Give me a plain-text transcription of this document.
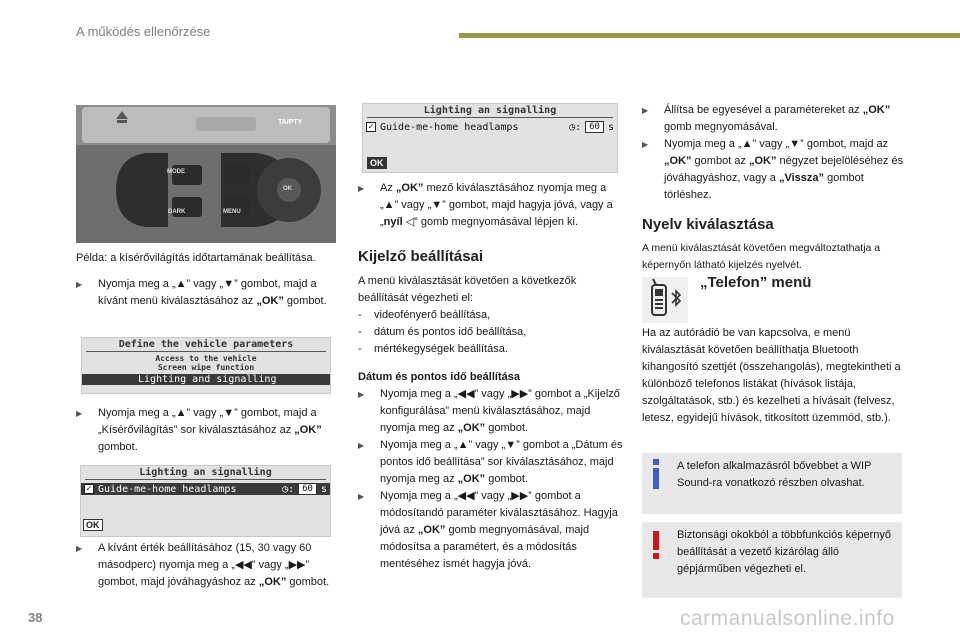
A működés ellenőrzése
TA/PTY
MODE
DARK	MENU
OK

Példa: a kísérővilágítás időtartamának beállítása.

▶ Nyomja meg a „▲” vagy „▼” gombot, majd a kívánt menü kiválasztásához az „OK” gombot.
Define the vehicle parameters
Access to the vehicle
Screen wipe function
Lighting and signalling
▶ Nyomja meg a „▲” vagy „▼” gombot, majd a „Kísérővilágítás” sor kiválasztásához az „OK” gombot.
Lighting an signalling
✓ Guide-me-home headlamps	◷: 60 s
OK
▶ A kívánt érték beállításához (15, 30 vagy 60 másodperc) nyomja meg a „◀◀” vagy „▶▶” gombot, majd jóváhagyáshoz az „OK” gombot.
Lighting an signalling
✓ Guide-me-home headlamps	◷: 60 s
OK
▶ Az „OK” mező kiválasztásához nyomja meg a „▲” vagy „▼” gombot, majd hagyja jóvá, vagy a „nyíl ◁” gomb megnyomásával lépjen ki.
Kijelző beállításai

A menü kiválasztását követően a következők beállítását végezheti el:

- videofényerő beállítása,
- dátum és pontos idő beállítása,
- mértékegységek beállítása.

Dátum és pontos idő beállítása

▶ Nyomja meg a „◀◀” vagy „▶▶” gombot a „Kijelző konfigurálása” menü kiválasztásához, majd nyomja meg az „OK” gombot.
▶ Nyomja meg a „▲” vagy „▼” gombot a „Dátum és pontos idő beállítása” sor kiválasztásához, majd nyomja meg az „OK” gombot.
▶ Nyomja meg a „◀◀” vagy „▶▶” gombot a módosítandó paraméter kiválasztásához. Hagyja jóvá az „OK” gomb megnyomásával, majd módosítsa a paramétert, és a módosítás mentéséhez ismét hagyja jóvá.
▶ Állítsa be egyesével a paramétereket az „OK” gomb megnyomásával.
▶ Nyomja meg a „▲” vagy „▼” gombot, majd az „OK” gombot az „OK” négyzet bejelöléséhez és jóváhagyáshoz, vagy a „Vissza” gombot törléshez.
Nyelv kiválasztása

A menü kiválasztását követően megváltoztathatja a képernyőn látható kijelzés nyelvét.

„Telefon” menü

Ha az autórádió be van kapcsolva, e menü kiválasztását követően beállíthatja Bluetooth kihangosító szettjét (összehangolás), megtekintheti a különböző telefonos listákat (hívások listája, szolgáltatások, stb.) és kezelheti a hívásait (felvesz, letesz, egyidejű hívások, titkosított üzemmód, stb.).

A telefon alkalmazásról bővebbet a WIP Sound-ra vonatkozó részben olvashat.

Biztonsági okokból a többfunkciós képernyő beállítását a vezető kizárólag álló gépjárműben végezheti el.

38	carmanualsonline.info
